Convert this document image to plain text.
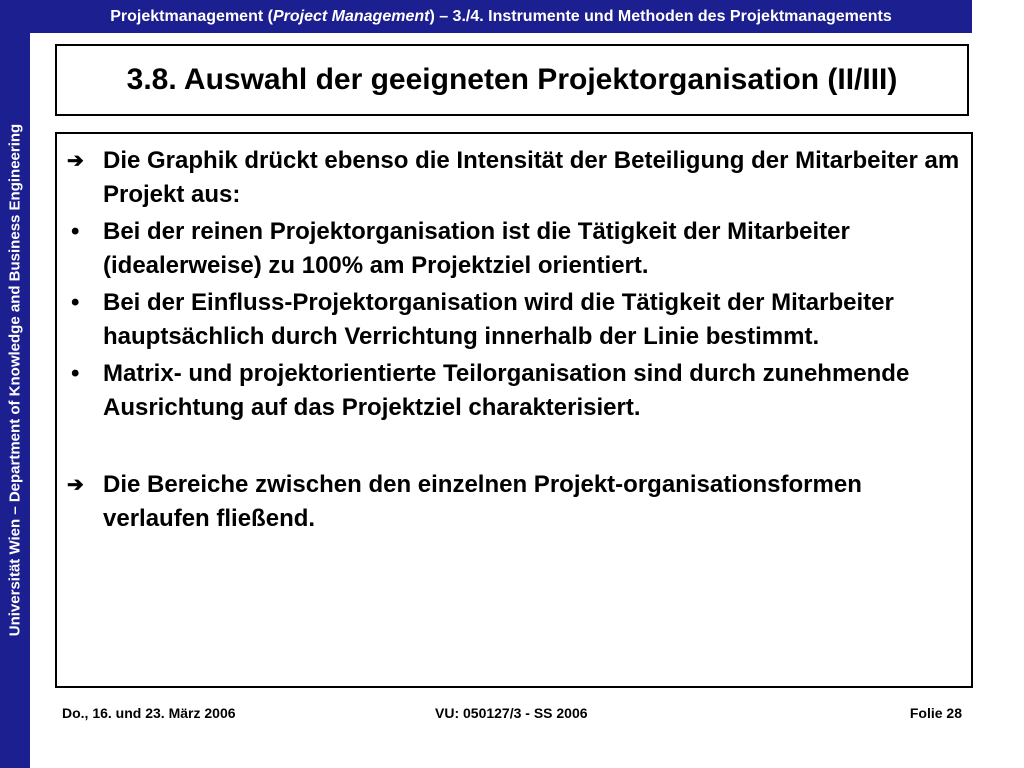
Universität Wien – Department of Knowledge and Business Engineering
Projektmanagement (Project Management) – 3./4. Instrumente und Methoden des Projektmanagements
3.8. Auswahl der geeigneten Projektorganisation (II/III)
➔ Die Graphik drückt ebenso die Intensität der Beteiligung der Mitarbeiter am Projekt aus:
• Bei der reinen Projektorganisation ist die Tätigkeit der Mitarbeiter (idealerweise) zu 100% am Projektziel orientiert.
• Bei der Einfluss-Projektorganisation wird die Tätigkeit der Mitarbeiter hauptsächlich durch Verrichtung innerhalb der Linie bestimmt.
• Matrix- und projektorientierte Teilorganisation sind durch zunehmende Ausrichtung auf das Projektziel charakterisiert.
➔ Die Bereiche zwischen den einzelnen Projekt-organisationsformen verlaufen fließend.
Do., 16. und 23. März 2006	VU: 050127/3 - SS 2006	Folie 28
